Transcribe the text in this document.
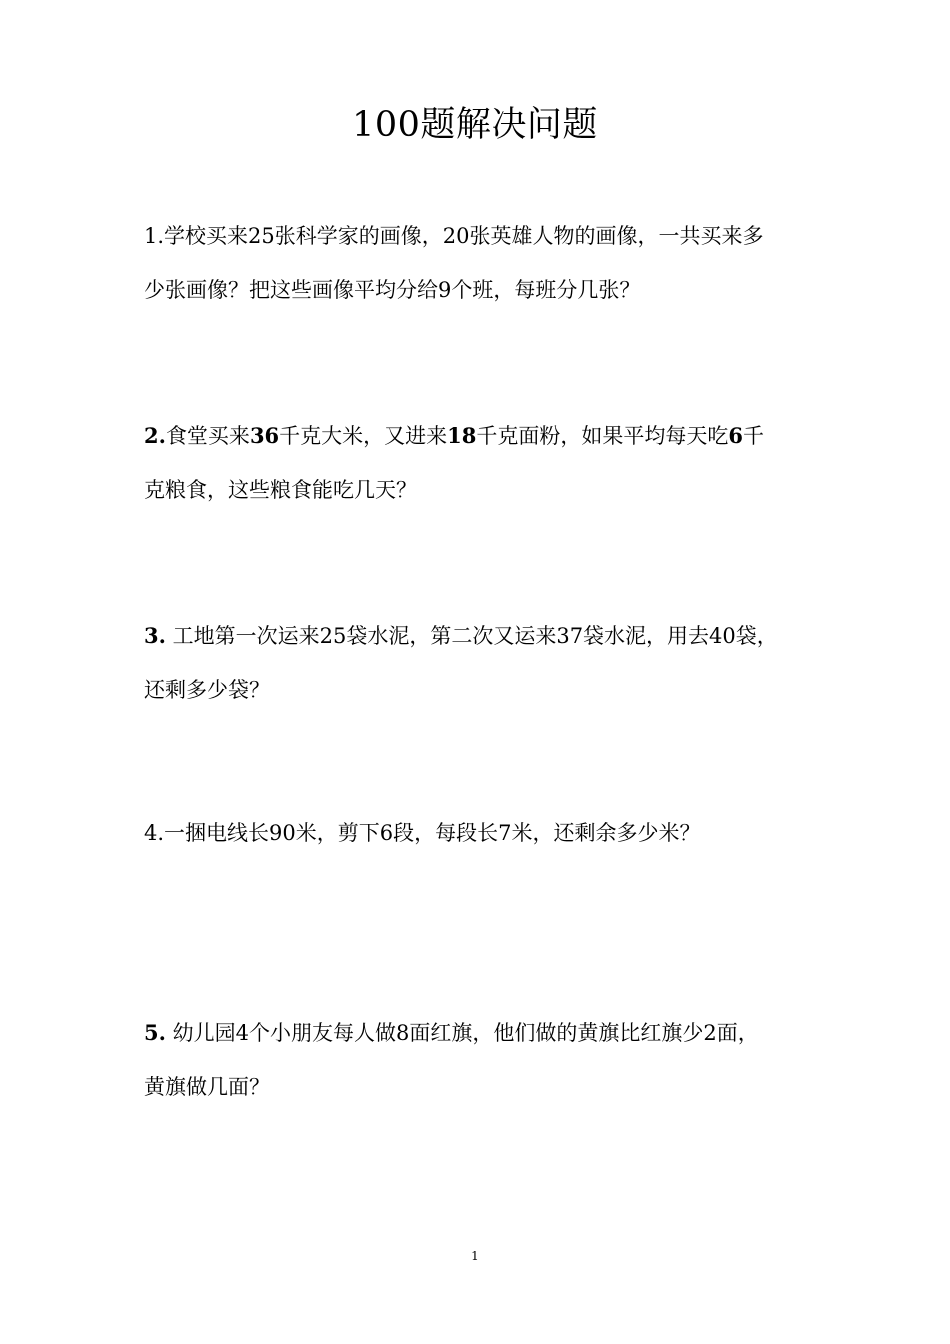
100题解决问题
1.学校买来25张科学家的画像，20张英雄人物的画像，一共买来多
少张画像？把这些画像平均分给9个班，每班分几张？
2.食堂买来36千克大米，又进来18千克面粉，如果平均每天吃6千
克粮食，这些粮食能吃几天？
3. 工地第一次运来25袋水泥，第二次又运来37袋水泥，用去40袋，
还剩多少袋？
4.一捆电线长90米，剪下6段，每段长7米，还剩余多少米？
5. 幼儿园4个小朋友每人做8面红旗，他们做的黄旗比红旗少2面，
黄旗做几面？
1
